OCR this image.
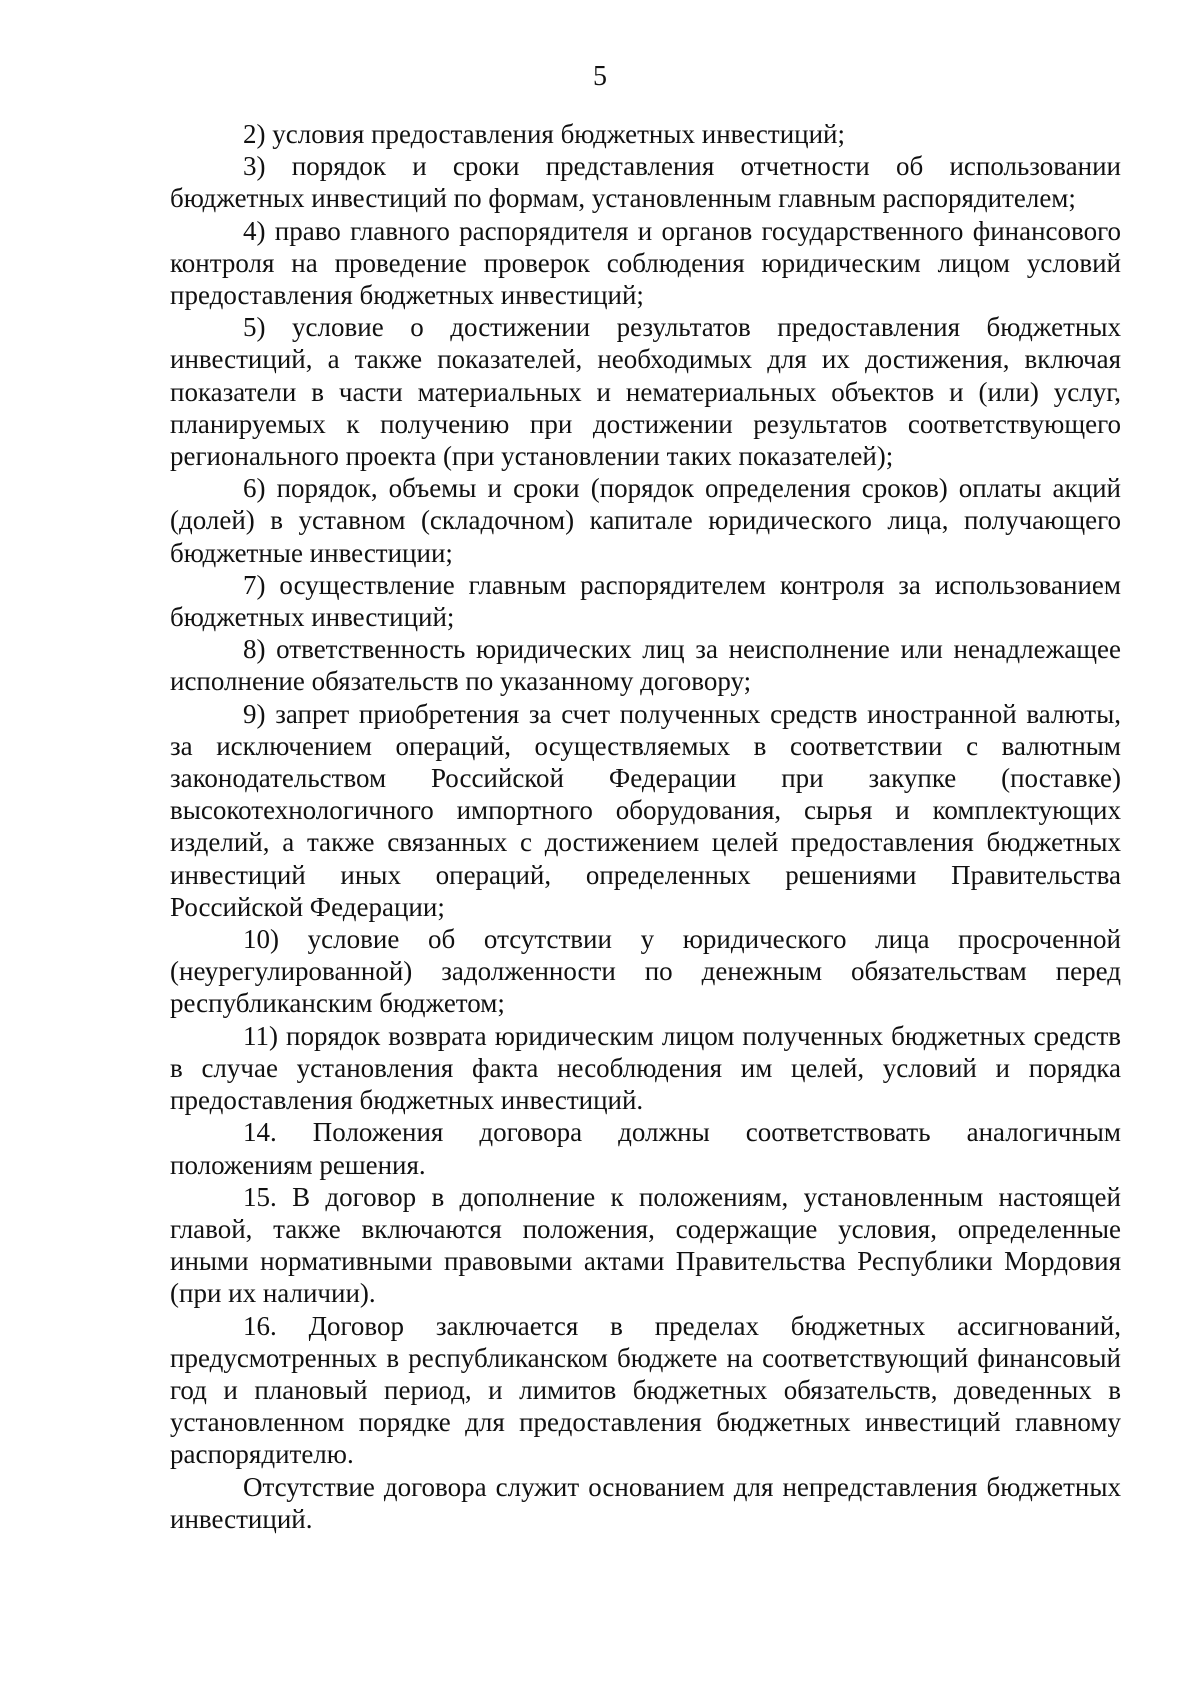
5

2) условия предоставления бюджетных инвестиций;

3) порядок и сроки представления отчетности об использовании бюджетных инвестиций по формам, установленным главным распорядителем;

4) право главного распорядителя и органов государственного финансового контроля на проведение проверок соблюдения юридическим лицом условий предоставления бюджетных инвестиций;

5) условие о достижении результатов предоставления бюджетных инвестиций, а также показателей, необходимых для их достижения, включая показатели в части материальных и нематериальных объектов и (или) услуг, планируемых к получению при достижении результатов соответствующего регионального проекта (при установлении таких показателей);

6) порядок, объемы и сроки (порядок определения сроков) оплаты акций (долей) в уставном (складочном) капитале юридического лица, получающего бюджетные инвестиции;

7) осуществление главным распорядителем контроля за использованием бюджетных инвестиций;

8) ответственность юридических лиц за неисполнение или ненадлежащее исполнение обязательств по указанному договору;

9) запрет приобретения за счет полученных средств иностранной валюты, за исключением операций, осуществляемых в соответствии с валютным законодательством Российской Федерации при закупке (поставке) высокотехнологичного импортного оборудования, сырья и комплектующих изделий, а также связанных с достижением целей предоставления бюджетных инвестиций иных операций, определенных решениями Правительства Российской Федерации;

10) условие об отсутствии у юридического лица просроченной (неурегулированной) задолженности по денежным обязательствам перед республиканским бюджетом;

11) порядок возврата юридическим лицом полученных бюджетных средств в случае установления факта несоблюдения им целей, условий и порядка предоставления бюджетных инвестиций.

14. Положения договора должны соответствовать аналогичным положениям решения.

15. В договор в дополнение к положениям, установленным настоящей главой, также включаются положения, содержащие условия, определенные иными нормативными правовыми актами Правительства Республики Мордовия (при их наличии).

16. Договор заключается в пределах бюджетных ассигнований, предусмотренных в республиканском бюджете на соответствующий финансовый год и плановый период, и лимитов бюджетных обязательств, доведенных в установленном порядке для предоставления бюджетных инвестиций главному распорядителю.

Отсутствие договора служит основанием для непредставления бюджетных инвестиций.
